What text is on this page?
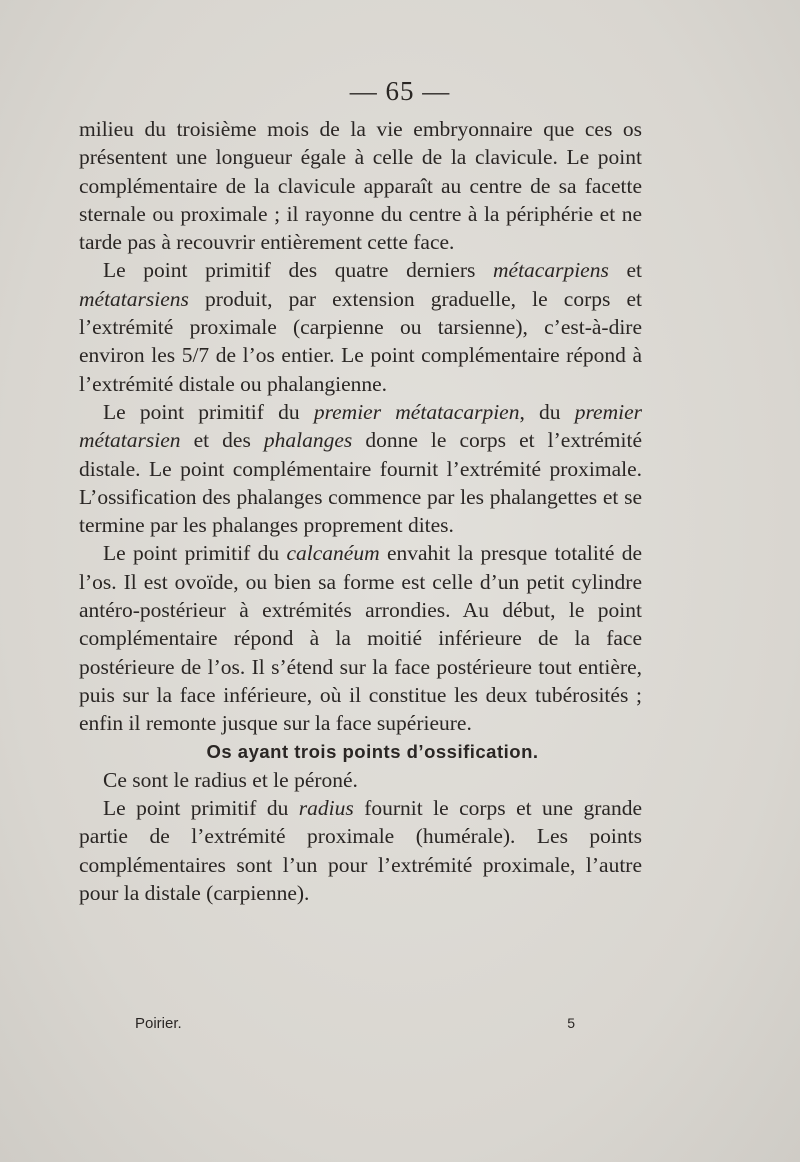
— 65 —

milieu du troisième mois de la vie embryonnaire que ces os présentent une longueur égale à celle de la clavicule. Le point complémentaire de la clavicule apparaît au centre de sa facette sternale ou proximale ; il rayonne du centre à la périphérie et ne tarde pas à recouvrir entièrement cette face.

Le point primitif des quatre derniers métacarpiens et métatarsiens produit, par extension graduelle, le corps et l’extrémité proximale (carpienne ou tarsienne), c’est-à-dire environ les 5/7 de l’os entier. Le point complémentaire répond à l’extrémité distale ou phalangienne.

Le point primitif du premier métatacarpien, du premier métatarsien et des phalanges donne le corps et l’extrémité distale. Le point complémentaire fournit l’extrémité proximale. L’ossification des phalanges commence par les phalangettes et se termine par les phalanges proprement dites.

Le point primitif du calcanéum envahit la presque totalité de l’os. Il est ovoïde, ou bien sa forme est celle d’un petit cylindre antéro-postérieur à extrémités arrondies. Au début, le point complémentaire répond à la moitié inférieure de la face postérieure de l’os. Il s’étend sur la face postérieure tout entière, puis sur la face inférieure, où il constitue les deux tubérosités ; enfin il remonte jusque sur la face supérieure.

Os ayant trois points d’ossification.

Ce sont le radius et le péroné.

Le point primitif du radius fournit le corps et une grande partie de l’extrémité proximale (humérale). Les points complémentaires sont l’un pour l’extrémité proximale, l’autre pour la distale (carpienne).

Poirier.	5
